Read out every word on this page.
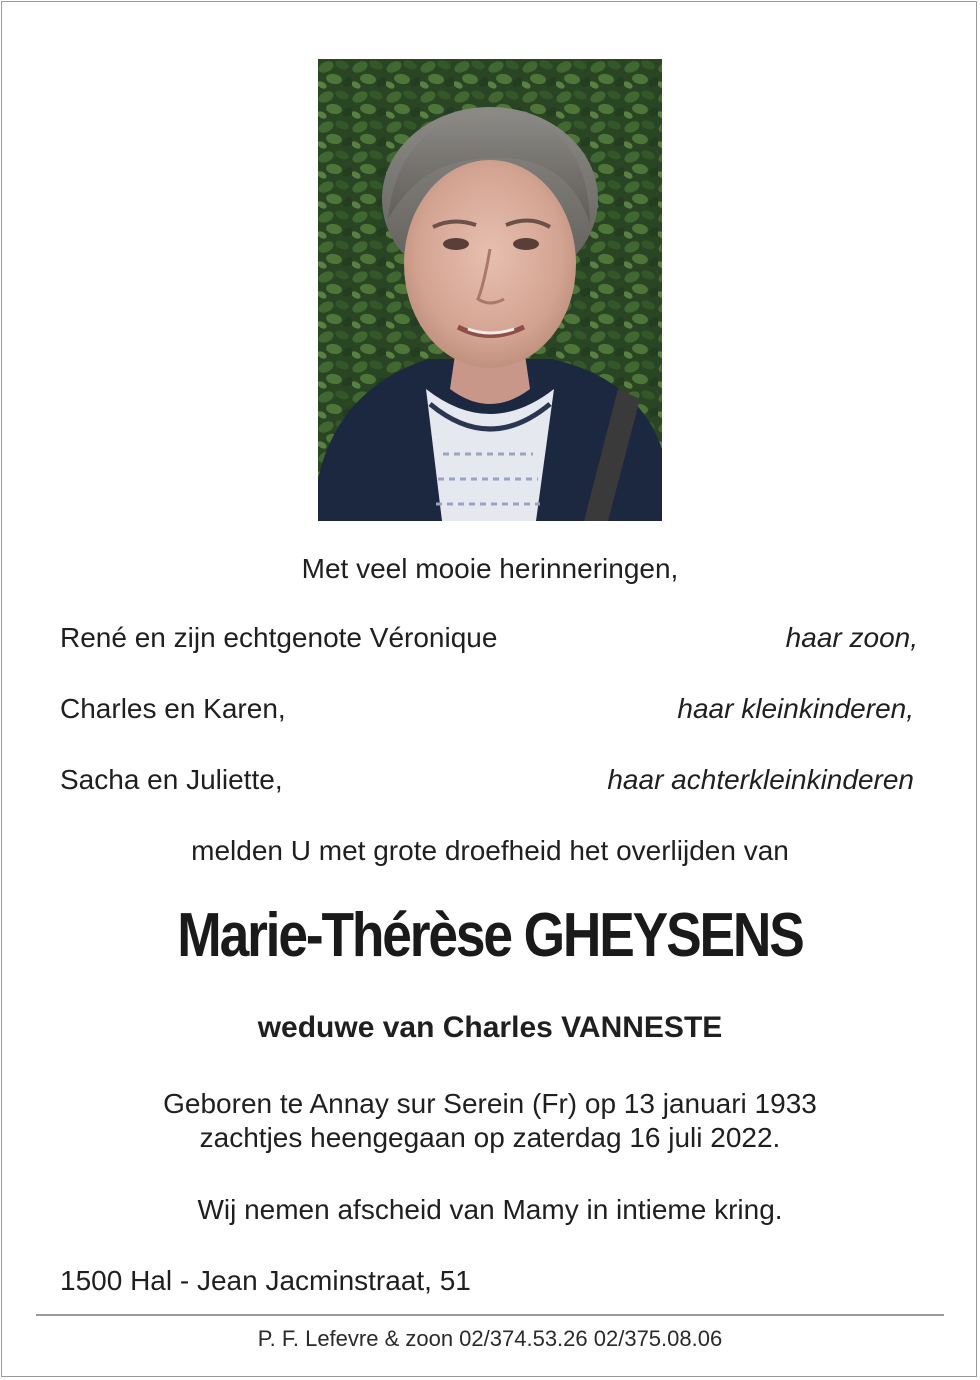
Met veel mooie herinneringen,
René en zijn echtgenote Véronique	haar zoon,
Charles en Karen,	haar kleinkinderen,
Sacha en Juliette,	haar achterkleinkinderen
melden U met grote droefheid het overlijden van
Marie-Thérèse GHEYSENS
weduwe van Charles VANNESTE
Geboren te Annay sur Serein (Fr) op 13 januari 1933
zachtjes heengegaan op zaterdag 16 juli 2022.
Wij nemen afscheid van Mamy in intieme kring.
1500 Hal - Jean Jacminstraat, 51
P. F. Lefevre & zoon 02/374.53.26 02/375.08.06
